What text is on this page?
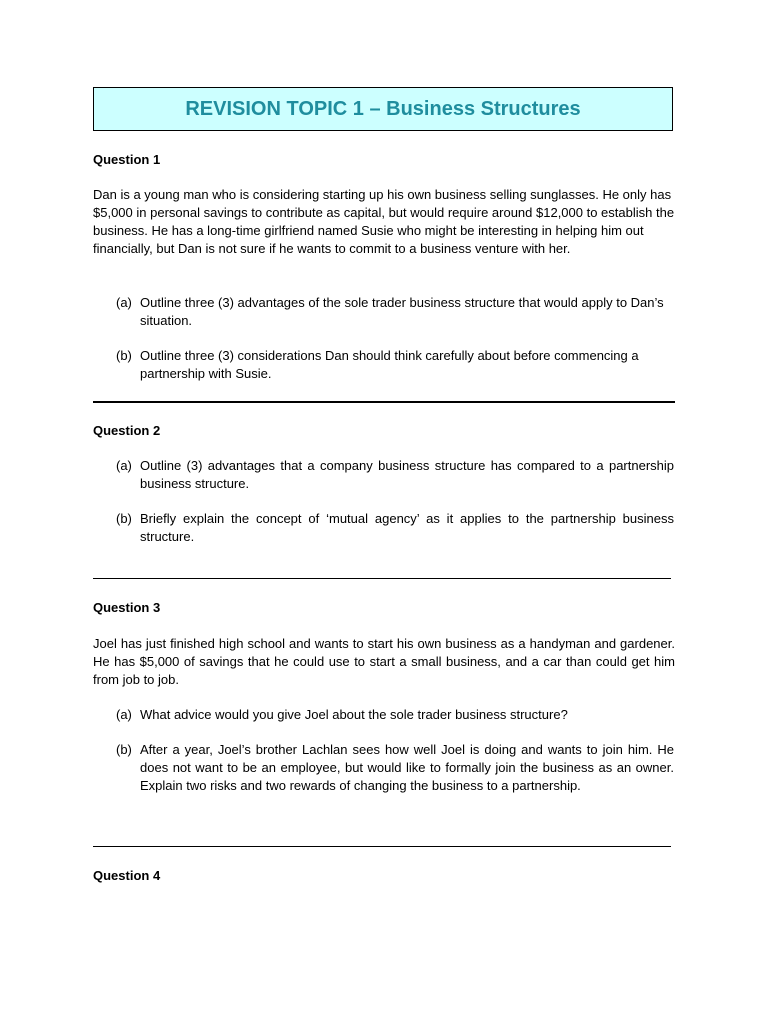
REVISION TOPIC 1 – Business Structures
Question 1
Dan is a young man who is considering starting up his own business selling sunglasses. He only has $5,000 in personal savings to contribute as capital, but would require around $12,000 to establish the business. He has a long-time girlfriend named Susie who might be interesting in helping him out financially, but Dan is not sure if he wants to commit to a business venture with her.
(a) Outline three (3) advantages of the sole trader business structure that would apply to Dan’s situation.
(b) Outline three (3) considerations Dan should think carefully about before commencing a partnership with Susie.
Question 2
(a) Outline (3) advantages that a company business structure has compared to a partnership business structure.
(b) Briefly explain the concept of ‘mutual agency’ as it applies to the partnership business structure.
Question 3
Joel has just finished high school and wants to start his own business as a handyman and gardener. He has $5,000 of savings that he could use to start a small business, and a car than could get him from job to job.
(a) What advice would you give Joel about the sole trader business structure?
(b) After a year, Joel’s brother Lachlan sees how well Joel is doing and wants to join him. He does not want to be an employee, but would like to formally join the business as an owner. Explain two risks and two rewards of changing the business to a partnership.
Question 4
